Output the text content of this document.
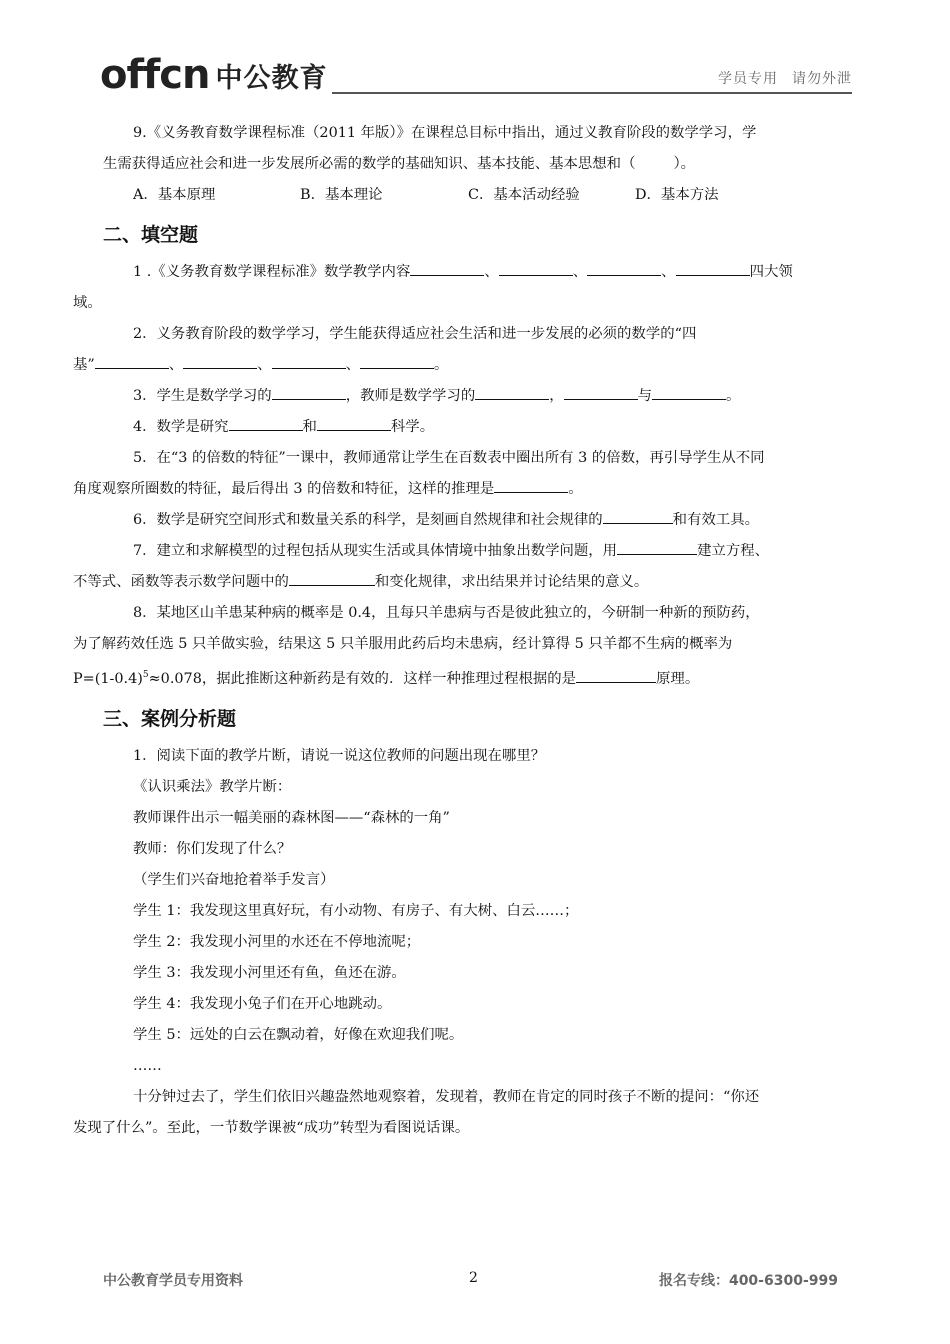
offcn 中公教育	学员专用 请勿外泄

9.《义务教育数学课程标准（2011 年版）》在课程总目标中指出，通过义教育阶段的数学学习，学
生需获得适应社会和进一步发展所必需的数学的基础知识、基本技能、基本思想和（	）。

A．基本原理	B．基本理论	C．基本活动经验	D．基本方法
二、填空题

1 .《义务教育数学课程标准》数学教学内容	、	、	、	四大领
域。

2．义务教育阶段的数学学习，学生能获得适应社会生活和进一步发展的必须的数学的“四
基”	、	、	、	。

3．学生是数学学习的	，教师是数学学习的	，	与	。

4．数学是研究	和	科学。

5．在“3 的倍数的特征”一课中，教师通常让学生在百数表中圈出所有 3 的倍数，再引导学生从不同
角度观察所圈数的特征，最后得出 3 的倍数和特征，这样的推理是	。

6．数学是研究空间形式和数量关系的科学，是刻画自然规律和社会规律的	和有效工具。

7．建立和求解模型的过程包括从现实生活或具体情境中抽象出数学问题，用	建立方程、
不等式、函数等表示数学问题中的	和变化规律，求出结果并讨论结果的意义。

8．某地区山羊患某种病的概率是 0.4，且每只羊患病与否是彼此独立的，今研制一种新的预防药，
为了解药效任选 5 只羊做实验，结果这 5 只羊服用此药后均未患病，经计算得 5 只羊都不生病的概率为
$P=(1-0.4)^5\approx 0.078$，据此推断这种新药是有效的．这样一种推理过程根据的是	原理。

三、案例分析题

1．阅读下面的教学片断，请说一说这位教师的问题出现在哪里？

《认识乘法》教学片断：

教师课件出示一幅美丽的森林图——“森林的一角”

教师：你们发现了什么？

（学生们兴奋地抢着举手发言）

学生 1：我发现这里真好玩，有小动物、有房子、有大树、白云……；

学生 2：我发现小河里的水还在不停地流呢；

学生 3：我发现小河里还有鱼，鱼还在游。

学生 4：我发现小兔子们在开心地跳动。

学生 5：远处的白云在飘动着，好像在欢迎我们呢。

……

十分钟过去了，学生们依旧兴趣盎然地观察着，发现着，教师在肯定的同时孩子不断的提问：“你还
发现了什么”。至此，一节数学课被“成功”转型为看图说话课。

中公教育学员专用资料	2	报名专线：400-6300-999
